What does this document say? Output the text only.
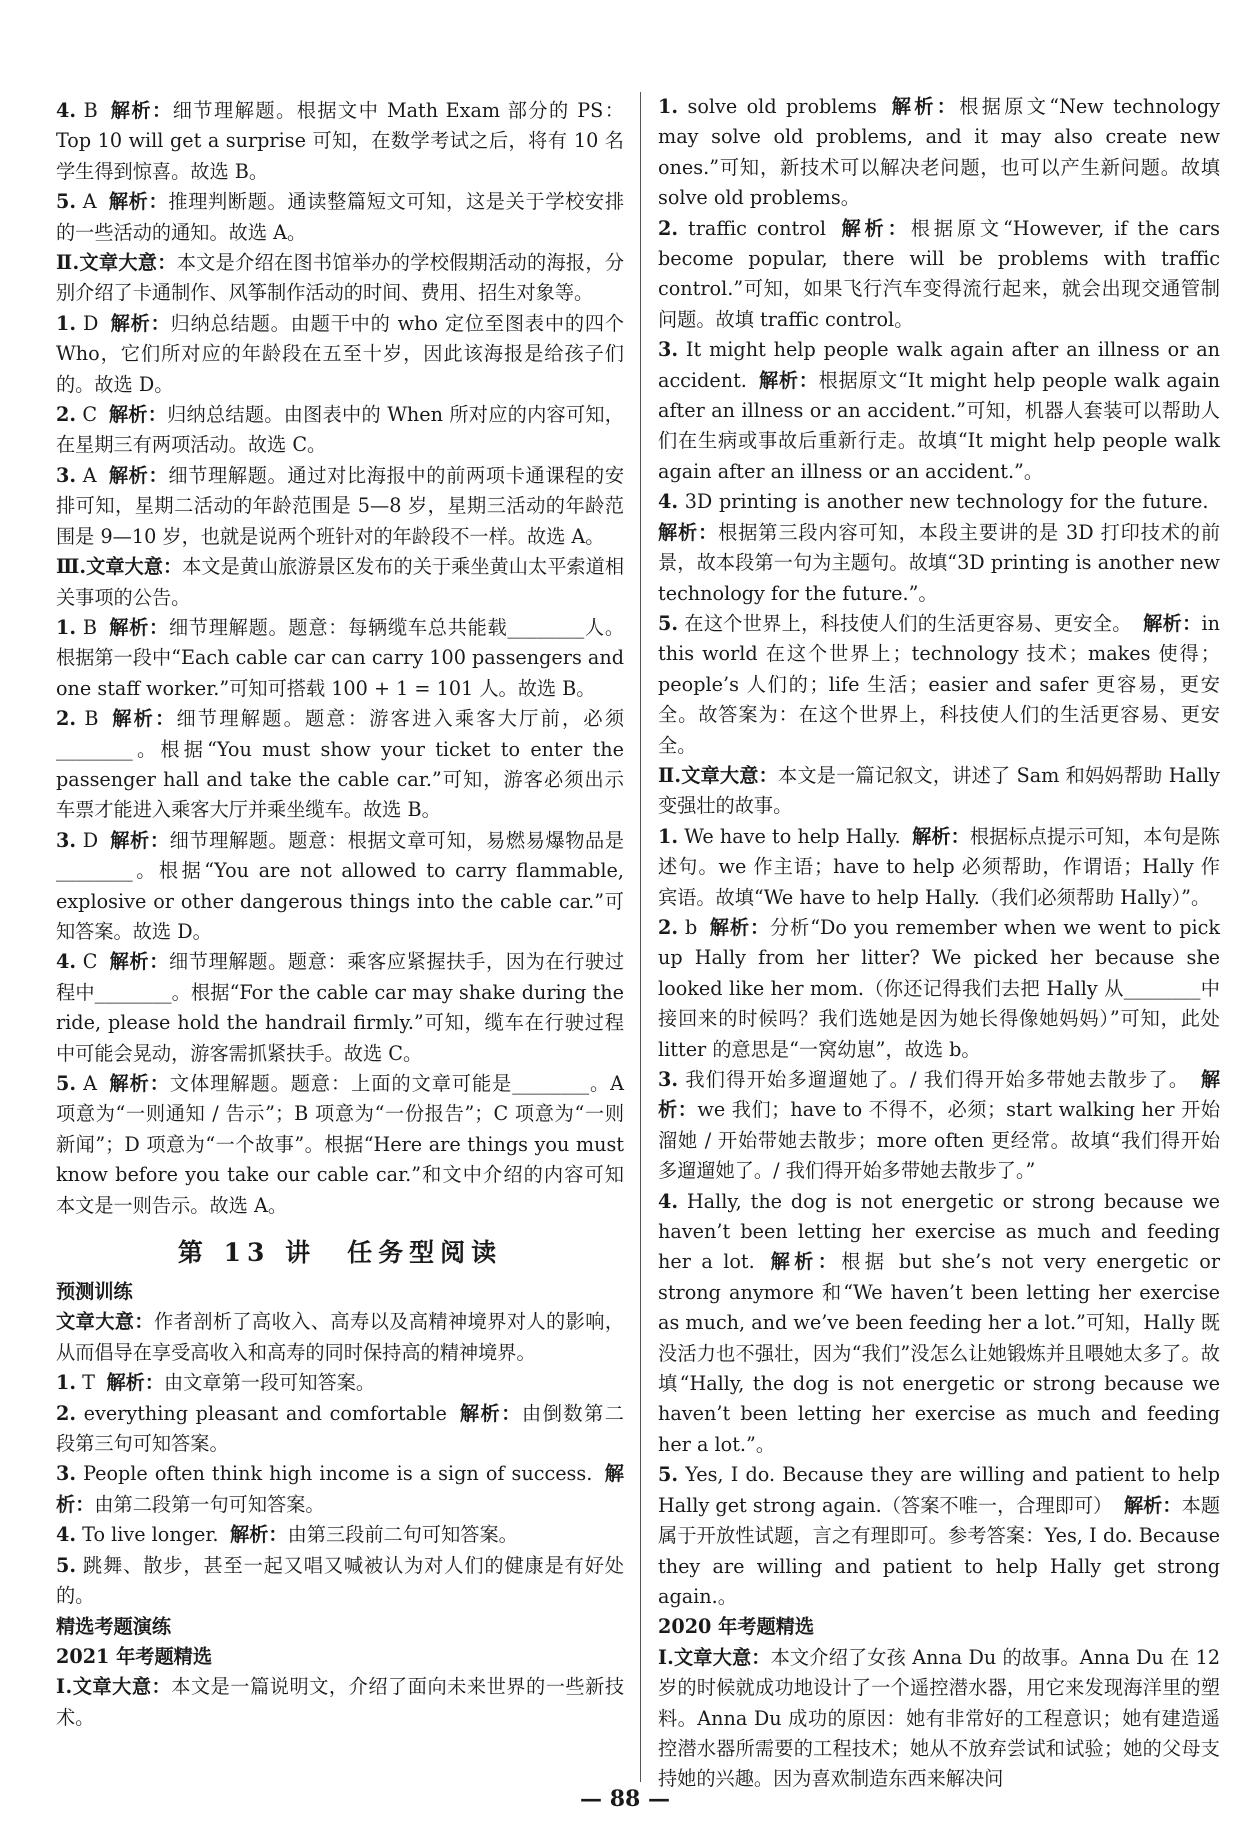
4. B 解析：细节理解题。根据文中 Math Exam 部分的 PS：Top 10 will get a surprise 可知，在数学考试之后，将有 10 名学生得到惊喜。故选 B。

5. A 解析：推理判断题。通读整篇短文可知，这是关于学校安排的一些活动的通知。故选 A。

Ⅱ.文章大意：本文是介绍在图书馆举办的学校假期活动的海报，分别介绍了卡通制作、风筝制作活动的时间、费用、招生对象等。

1. D 解析：归纳总结题。由题干中的 who 定位至图表中的四个 Who，它们所对应的年龄段在五至十岁，因此该海报是给孩子们的。故选 D。

2. C 解析：归纳总结题。由图表中的 When 所对应的内容可知，在星期三有两项活动。故选 C。

3. A 解析：细节理解题。通过对比海报中的前两项卡通课程的安排可知，星期二活动的年龄范围是 5—8 岁，星期三活动的年龄范围是 9—10 岁，也就是说两个班针对的年龄段不一样。故选 A。

Ⅲ.文章大意：本文是黄山旅游景区发布的关于乘坐黄山太平索道相关事项的公告。

1. B 解析：细节理解题。题意：每辆缆车总共能载________人。根据第一段中“Each cable car can carry 100 passengers and one staff worker.”可知可搭载 100 + 1 = 101 人。故选 B。

2. B 解析：细节理解题。题意：游客进入乘客大厅前，必须________。根据“You must show your ticket to enter the passenger hall and take the cable car.”可知，游客必须出示车票才能进入乘客大厅并乘坐缆车。故选 B。

3. D 解析：细节理解题。题意：根据文章可知，易燃易爆物品是________。根据“You are not allowed to carry flammable, explosive or other dangerous things into the cable car.”可知答案。故选 D。

4. C 解析：细节理解题。题意：乘客应紧握扶手，因为在行驶过程中________。根据“For the cable car may shake during the ride, please hold the handrail firmly.”可知，缆车在行驶过程中可能会晃动，游客需抓紧扶手。故选 C。

5. A 解析：文体理解题。题意：上面的文章可能是________。A 项意为“一则通知 / 告示”；B 项意为“一份报告”；C 项意为“一则新闻”；D 项意为“一个故事”。根据“Here are things you must know before you take our cable car.”和文中介绍的内容可知本文是一则告示。故选 A。

第 13 讲　任务型阅读

预测训练

文章大意：作者剖析了高收入、高寿以及高精神境界对人的影响，从而倡导在享受高收入和高寿的同时保持高的精神境界。

1. T 解析：由文章第一段可知答案。

2. everything pleasant and comfortable 解析：由倒数第二段第三句可知答案。

3. People often think high income is a sign of success. 解析：由第二段第一句可知答案。

4. To live longer. 解析：由第三段前二句可知答案。

5. 跳舞、散步，甚至一起又唱又喊被认为对人们的健康是有好处的。

精选考题演练

2021 年考题精选

Ⅰ.文章大意：本文是一篇说明文，介绍了面向未来世界的一些新技术。

1. solve old problems 解析：根据原文“New technology may solve old problems, and it may also create new ones.”可知，新技术可以解决老问题，也可以产生新问题。故填 solve old problems。

2. traffic control 解析：根据原文“However, if the cars become popular, there will be problems with traffic control.”可知，如果飞行汽车变得流行起来，就会出现交通管制问题。故填 traffic control。

3. It might help people walk again after an illness or an accident. 解析：根据原文“It might help people walk again after an illness or an accident.”可知，机器人套装可以帮助人们在生病或事故后重新行走。故填“It might help people walk again after an illness or an accident.”。

4. 3D printing is another new technology for the future.解析：根据第三段内容可知，本段主要讲的是 3D 打印技术的前景，故本段第一句为主题句。故填“3D printing is another new technology for the future.”。

5. 在这个世界上，科技使人们的生活更容易、更安全。 解析：in this world 在这个世界上；technology 技术；makes 使得；people’s 人们的；life 生活；easier and safer 更容易，更安全。故答案为：在这个世界上，科技使人们的生活更容易、更安全。

Ⅱ.文章大意：本文是一篇记叙文，讲述了 Sam 和妈妈帮助 Hally 变强壮的故事。

1. We have to help Hally. 解析：根据标点提示可知，本句是陈述句。we 作主语；have to help 必须帮助，作谓语；Hally 作宾语。故填“We have to help Hally.（我们必须帮助 Hally）”。

2. b 解析：分析“Do you remember when we went to pick up Hally from her litter? We picked her because she looked like her mom.（你还记得我们去把 Hally 从________中接回来的时候吗？我们选她是因为她长得像她妈妈）”可知，此处 litter 的意思是“一窝幼崽”，故选 b。

3. 我们得开始多遛遛她了。/ 我们得开始多带她去散步了。 解析：we 我们；have to 不得不，必须；start walking her 开始溜她 / 开始带她去散步；more often 更经常。故填“我们得开始多遛遛她了。/ 我们得开始多带她去散步了。”

4. Hally, the dog is not energetic or strong because we haven’t been letting her exercise as much and feeding her a lot. 解析：根据 but she’s not very energetic or strong anymore 和“We haven’t been letting her exercise as much, and we’ve been feeding her a lot.”可知，Hally 既没活力也不强壮，因为“我们”没怎么让她锻炼并且喂她太多了。故填“Hally, the dog is not energetic or strong because we haven’t been letting her exercise as much and feeding her a lot.”。

5. Yes, I do. Because they are willing and patient to help Hally get strong again.（答案不唯一，合理即可） 解析：本题属于开放性试题，言之有理即可。参考答案：Yes, I do. Because they are willing and patient to help Hally get strong again.。

2020 年考题精选

Ⅰ.文章大意：本文介绍了女孩 Anna Du 的故事。Anna Du 在 12 岁的时候就成功地设计了一个遥控潜水器，用它来发现海洋里的塑料。Anna Du 成功的原因：她有非常好的工程意识；她有建造遥控潜水器所需要的工程技术；她从不放弃尝试和试验；她的父母支持她的兴趣。因为喜欢制造东西来解决问

— 88 —
